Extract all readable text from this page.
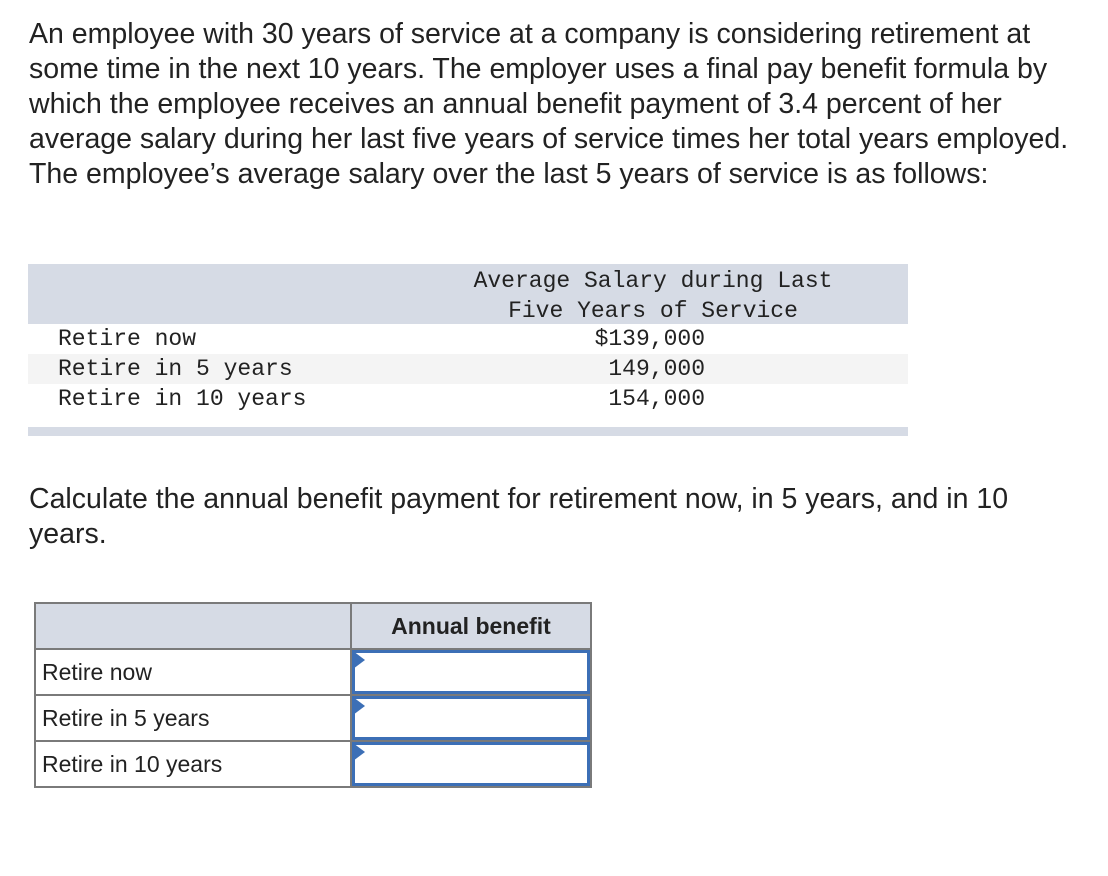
An employee with 30 years of service at a company is considering retirement at some time in the next 10 years. The employer uses a final pay benefit formula by which the employee receives an annual benefit payment of 3.4 percent of her average salary during her last five years of service times her total years employed. The employee’s average salary over the last 5 years of service is as follows:
Average Salary during Last
Five Years of Service
Retire now	$139,000
Retire in 5 years	149,000
Retire in 10 years	154,000
Calculate the annual benefit payment for retirement now, in 5 years, and in 10 years.
	Annual benefit
Retire now	

Retire in 5 years	

Retire in 10 years	
